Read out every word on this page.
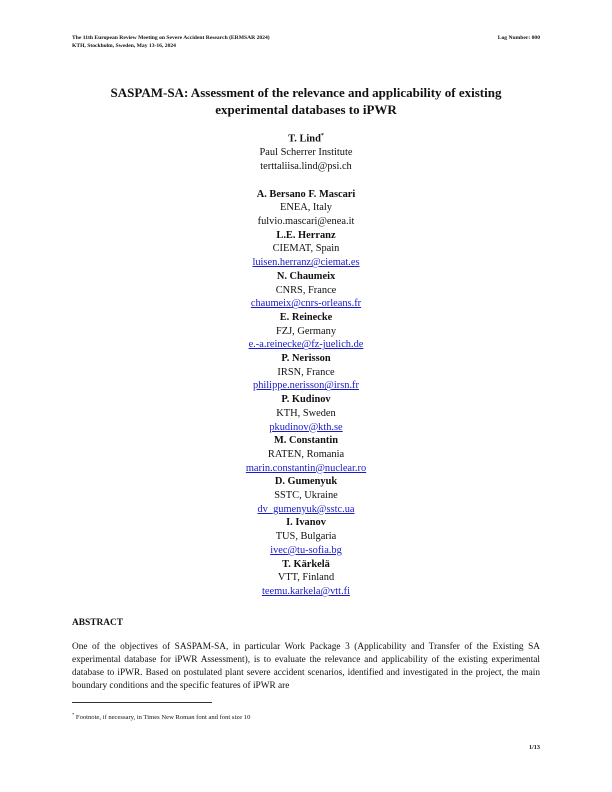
The 11th European Review Meeting on Severe Accident Research (ERMSAR 2024)
KTH, Stockholm, Sweden, May 13-16, 2024
Log Number: 000
SASPAM-SA: Assessment of the relevance and applicability of existing
experimental databases to iPWR
T. Lind*
Paul Scherrer Institute
terttaliisa.lind@psi.ch
A. Bersano F. Mascari
ENEA, Italy
fulvio.mascari@enea.it
L.E. Herranz
CIEMAT, Spain
luisen.herranz@ciemat.es
N. Chaumeix
CNRS, France
chaumeix@cnrs-orleans.fr
E. Reinecke
FZJ, Germany
e.-a.reinecke@fz-juelich.de
P. Nerisson
IRSN, France
philippe.nerisson@irsn.fr
P. Kudinov
KTH, Sweden
pkudinov@kth.se
M. Constantin
RATEN, Romania
marin.constantin@nuclear.ro
D. Gumenyuk
SSTC, Ukraine
dv_gumenyuk@sstc.ua
I. Ivanov
TUS, Bulgaria
ivec@tu-sofia.bg
T. Kärkelä
VTT, Finland
teemu.karkela@vtt.fi
ABSTRACT
One of the objectives of SASPAM-SA, in particular Work Package 3 (Applicability and Transfer of the Existing SA experimental database for iPWR Assessment), is to evaluate the relevance and applicability of the existing experimental database to iPWR. Based on postulated plant severe accident scenarios, identified and investigated in the project, the main boundary conditions and the specific features of iPWR are
* Footnote, if necessary, in Times New Roman font and font size 10
1/13
